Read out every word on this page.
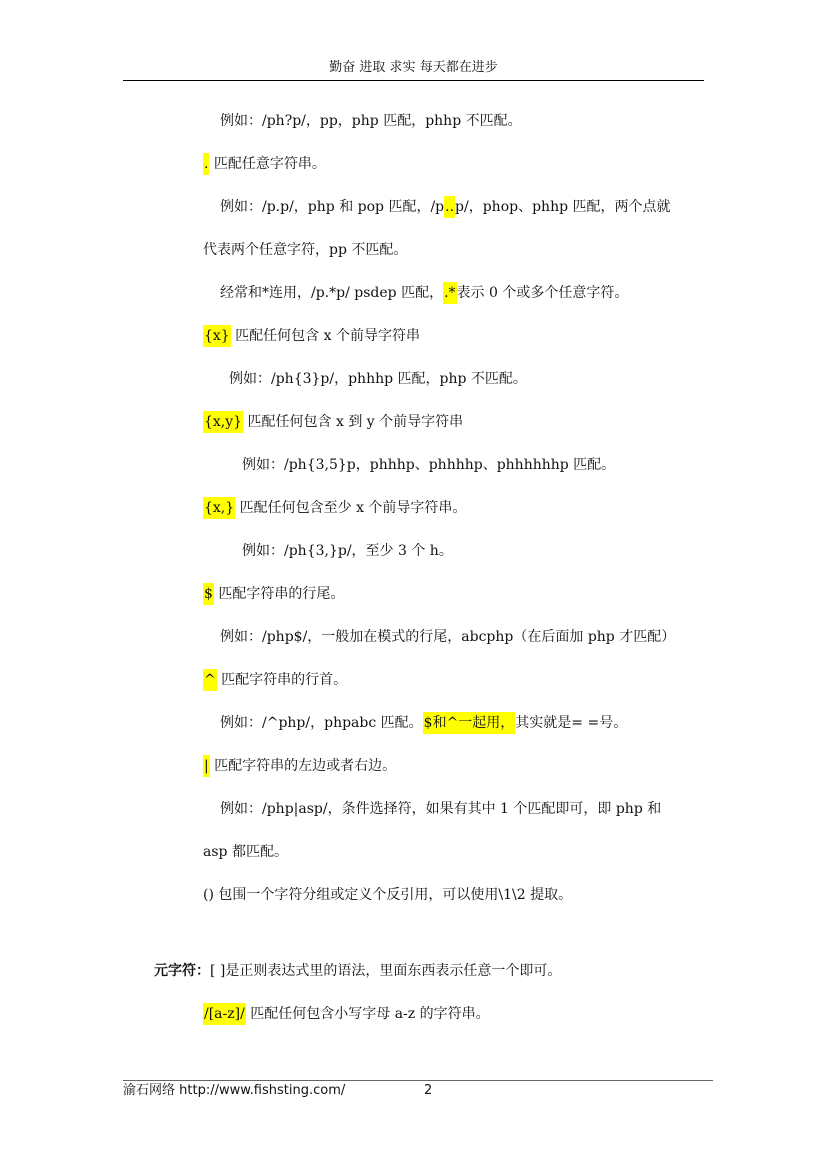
勤奋 进取 求实 每天都在进步
例如：/ph?p/，pp，php 匹配，phhp 不匹配。
. 匹配任意字符串。
例如：/p.p/，php 和 pop 匹配，/p..p/，phop、phhp 匹配，两个点就
代表两个任意字符，pp 不匹配。
经常和*连用，/p.*p/ psdep 匹配，.*表示 0 个或多个任意字符。
{x} 匹配任何包含 x 个前导字符串
例如：/ph{3}p/，phhhp 匹配，php 不匹配。
{x,y} 匹配任何包含 x 到 y 个前导字符串
例如：/ph{3,5}p，phhhp、phhhhp、phhhhhhp 匹配。
{x,} 匹配任何包含至少 x 个前导字符串。
例如：/ph{3,}p/，至少 3 个 h。
$ 匹配字符串的行尾。
例如：/php$/，一般加在模式的行尾，abcphp（在后面加 php 才匹配）
^ 匹配字符串的行首。
例如：/^php/，phpabc 匹配。$和^一起用，其实就是= =号。
| 匹配字符串的左边或者右边。
例如：/php|asp/，条件选择符，如果有其中 1 个匹配即可，即 php 和
asp 都匹配。
() 包围一个字符分组或定义个反引用，可以使用\1\2 提取。
元字符：[ ]是正则表达式里的语法，里面东西表示任意一个即可。
/[a-z]/ 匹配任何包含小写字母 a-z 的字符串。
渝石网络 http://www.fishsting.com/	2
